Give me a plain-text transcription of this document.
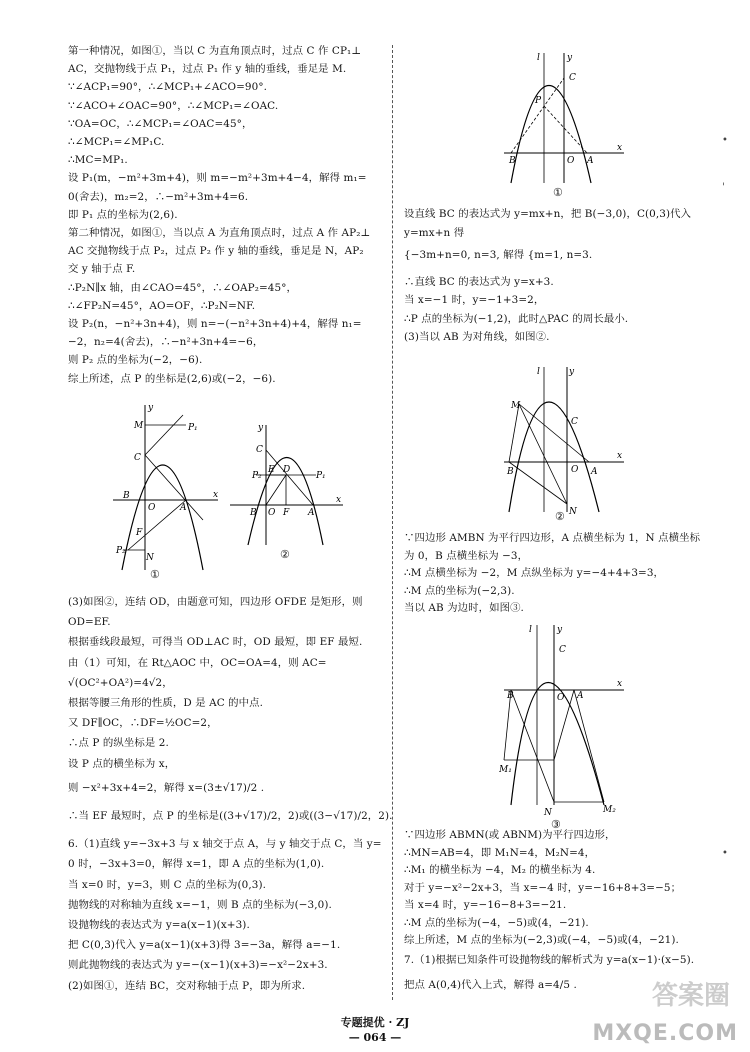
第一种情况，如图①，当以 C 为直角顶点时，过点 C 作 CP₁⊥
AC，交抛物线于点 P₁，过点 P₁ 作 y 轴的垂线，垂足是 M.
∵∠ACP₁=90°，∴∠MCP₁+∠ACO=90°.
∵∠ACO+∠OAC=90°，∴∠MCP₁=∠OAC.
∵OA=OC，∴∠MCP₁=∠OAC=45°，
∴∠MCP₁=∠MP₁C.
∴MC=MP₁.
设 P₁(m，−m²+3m+4)，则 m=−m²+3m+4−4，解得 m₁=
0(舍去)，m₂=2，∴−m²+3m+4=6.
即 P₁ 点的坐标为(2,6).
第二种情况，如图①，当以点 A 为直角顶点时，过点 A 作 AP₂⊥
AC 交抛物线于点 P₂，过点 P₂ 作 y 轴的垂线，垂足是 N，AP₂
交 y 轴于点 F.
∴P₂N∥x 轴，由∠CAO=45°，∴∠OAP₂=45°，
∴∠FP₂N=45°，AO=OF，∴P₂N=NF.
设 P₂(n，−n²+3n+4)，则 n=−(−n²+3n+4)+4，解得 n₁=
−2，n₂=4(舍去)，∴−n²+3n+4=−6，
则 P₂ 点的坐标为(−2，−6).
综上所述，点 P 的坐标是(2,6)或(−2，−6).
y
x
M	P₁
C
B
O	A
F
P₂
N
①
y
x
C
P₂
E D
P₁
B O F A
②
(3)如图②，连结 OD，由题意可知，四边形 OFDE 是矩形，则
OD=EF.
根据垂线段最短，可得当 OD⊥AC 时，OD 最短，即 EF 最短.
由（1）可知，在 Rt△AOC 中，OC=OA=4，则 AC=
√(OC²+OA²)=4√2，
根据等腰三角形的性质，D 是 AC 的中点.
又 DF∥OC，∴DF=½OC=2，
∴点 P 的纵坐标是 2.
设 P 点的横坐标为 x，
则 −x²+3x+4=2，解得 x=(3±√17)/2 .
∴当 EF 最短时，点 P 的坐标是((3+√17)/2，2)或((3−√17)/2，2).
6.（1)直线 y=−3x+3 与 x 轴交于点 A，与 y 轴交于点 C，当 y=
0 时，−3x+3=0，解得 x=1，即 A 点的坐标为(1,0).
当 x=0 时，y=3，则 C 点的坐标为(0,3).
抛物线的对称轴为直线 x=−1，则 B 点的坐标为(−3,0).
设抛物线的表达式为 y=a(x−1)(x+3).
把 C(0,3)代入 y=a(x−1)(x+3)得 3=−3a，解得 a=−1.
则此抛物线的表达式为 y=−(x−1)(x+3)=−x²−2x+3.
(2)如图①，连结 BC，交对称轴于点 P，即为所求.
l	y
C
P
B	O A
x
①
设直线 BC 的表达式为 y=mx+n，把 B(−3,0)，C(0,3)代入
y=mx+n 得
{−3m+n=0, n=3, 解得 {m=1, n=3.
∴直线 BC 的表达式为 y=x+3.
当 x=−1 时，y=−1+3=2，
∴P 点的坐标为(−1,2)，此时△PAC 的周长最小.
(3)当以 AB 为对角线，如图②.
l	y
M
C
B	O A
x
N
②
∵四边形 AMBN 为平行四边形，A 点横坐标为 1，N 点横坐标
为 0，B 点横坐标为 −3，
∴M 点横坐标为 −2，M 点纵坐标为 y=−4+4+3=3，
∴M 点的坐标为(−2,3).
当以 AB 为边时，如图③.
l	y
C
B	O A
x
M₁
N	M₂
③
∵四边形 ABMN(或 ABNM)为平行四边形，
∴MN=AB=4，即 M₁N=4，M₂N=4，
∴M₁ 的横坐标为 −4，M₂ 的横坐标为 4.
对于 y=−x²−2x+3，当 x=−4 时，y=−16+8+3=−5；
当 x=4 时，y=−16−8+3=−21.
∴M 点的坐标为(−4，−5)或(4，−21).
综上所述，M 点的坐标为(−2,3)或(−4，−5)或(4，−21).
7.（1)根据已知条件可设抛物线的解析式为 y=a(x−1)·(x−5).
把点 A(0,4)代入上式，解得 a=4/5 .
•
'
•
答案圈
MXQE.COM
专题提优 · ZJ
— 064 —
